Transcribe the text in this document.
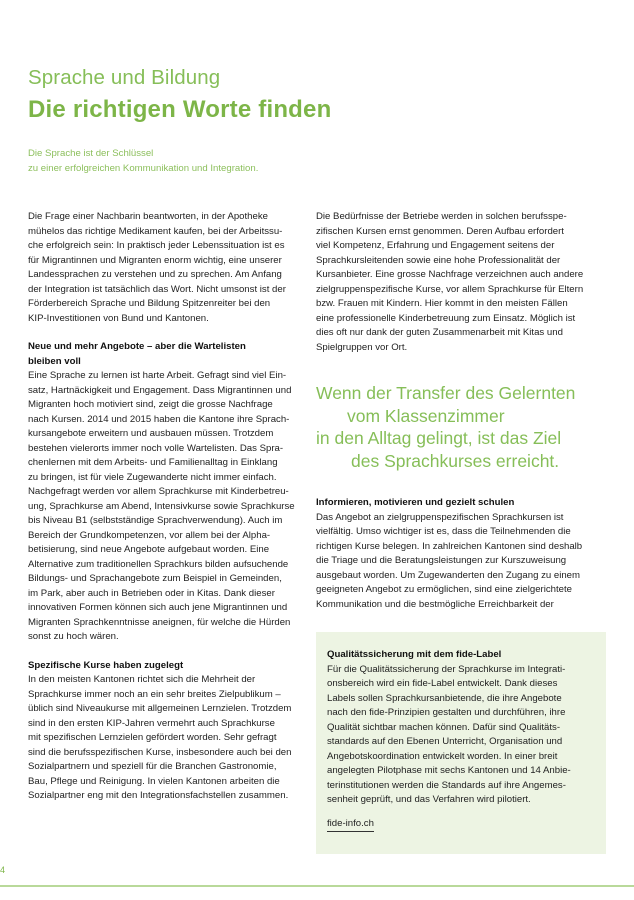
Sprache und Bildung
Die richtigen Worte finden
Die Sprache ist der Schlüssel
zu einer erfolgreichen Kommunikation und Integration.

Die Frage einer Nachbarin beantworten, in der Apotheke
mühelos das richtige Medikament kaufen, bei der Arbeitssu-
che erfolgreich sein: In praktisch jeder Lebenssituation ist es
für Migrantinnen und Migranten enorm wichtig, eine unserer
Landessprachen zu verstehen und zu sprechen. Am Anfang
der Integration ist tatsächlich das Wort. Nicht umsonst ist der
Förderbereich Sprache und Bildung Spitzenreiter bei den
KIP-Investitionen von Bund und Kantonen.

Neue und mehr Angebote – aber die Wartelisten
bleiben voll

Eine Sprache zu lernen ist harte Arbeit. Gefragt sind viel Ein-
satz, Hartnäckigkeit und Engagement. Dass Migrantinnen und
Migranten hoch motiviert sind, zeigt die grosse Nachfrage
nach Kursen. 2014 und 2015 haben die Kantone ihre Sprach-
kursangebote erweitern und ausbauen müssen. Trotzdem
bestehen vielerorts immer noch volle Wartelisten. Das Spra-
chenlernen mit dem Arbeits- und Familienalltag in Einklang
zu bringen, ist für viele Zugewanderte nicht immer einfach.
Nachgefragt werden vor allem Sprachkurse mit Kinderbetreu-
ung, Sprachkurse am Abend, Intensivkurse sowie Sprachkurse
bis Niveau B1 (selbstständige Sprachverwendung). Auch im
Bereich der Grundkompetenzen, vor allem bei der Alpha-
betisierung, sind neue Angebote aufgebaut worden. Eine
Alternative zum traditionellen Sprachkurs bilden aufsuchende
Bildungs- und Sprachangebote zum Beispiel in Gemeinden,
im Park, aber auch in Betrieben oder in Kitas. Dank dieser
innovativen Formen können sich auch jene Migrantinnen und
Migranten Sprachkenntnisse aneignen, für welche die Hürden
sonst zu hoch wären.

Spezifische Kurse haben zugelegt

In den meisten Kantonen richtet sich die Mehrheit der
Sprachkurse immer noch an ein sehr breites Zielpublikum –
üblich sind Niveaukurse mit allgemeinen Lernzielen. Trotzdem
sind in den ersten KIP-Jahren vermehrt auch Sprachkurse
mit spezifischen Lernzielen gefördert worden. Sehr gefragt
sind die berufsspezifischen Kurse, insbesondere auch bei den
Sozialpartnern und speziell für die Branchen Gastronomie,
Bau, Pflege und Reinigung. In vielen Kantonen arbeiten die
Sozialpartner eng mit den Integrationsfachstellen zusammen.

Die Bedürfnisse der Betriebe werden in solchen berufsspe-
zifischen Kursen ernst genommen. Deren Aufbau erfordert
viel Kompetenz, Erfahrung und Engagement seitens der
Sprachkursleitenden sowie eine hohe Professionalität der
Kursanbieter. Eine grosse Nachfrage verzeichnen auch andere
zielgruppenspezifische Kurse, vor allem Sprachkurse für Eltern
bzw. Frauen mit Kindern. Hier kommt in den meisten Fällen
eine professionelle Kinderbetreuung zum Einsatz. Möglich ist
dies oft nur dank der guten Zusammenarbeit mit Kitas und
Spielgruppen vor Ort.

Wenn der Transfer des Gelernten
vom Klassenzimmer
in den Alltag gelingt, ist das Ziel
des Sprachkurses erreicht.

Informieren, motivieren und gezielt schulen

Das Angebot an zielgruppenspezifischen Sprachkursen ist
vielfältig. Umso wichtiger ist es, dass die Teilnehmenden die
richtigen Kurse belegen. In zahlreichen Kantonen sind deshalb
die Triage und die Beratungsleistungen zur Kurszuweisung
ausgebaut worden. Um Zugewanderten den Zugang zu einem
geeigneten Angebot zu ermöglichen, sind eine zielgerichtete
Kommunikation und die bestmögliche Erreichbarkeit der

Qualitätssicherung mit dem fide-Label
Für die Qualitätssicherung der Sprachkurse im Integrati-
onsbereich wird ein fide-Label entwickelt. Dank dieses
Labels sollen Sprachkursanbietende, die ihre Angebote
nach den fide-Prinzipien gestalten und durchführen, ihre
Qualität sichtbar machen können. Dafür sind Qualitäts-
standards auf den Ebenen Unterricht, Organisation und
Angebotskoordination entwickelt worden. In einer breit
angelegten Pilotphase mit sechs Kantonen und 14 Anbie-
terinstitutionen werden die Standards auf ihre Angemes-
senheit geprüft, und das Verfahren wird pilotiert.
fide-info.ch
4
